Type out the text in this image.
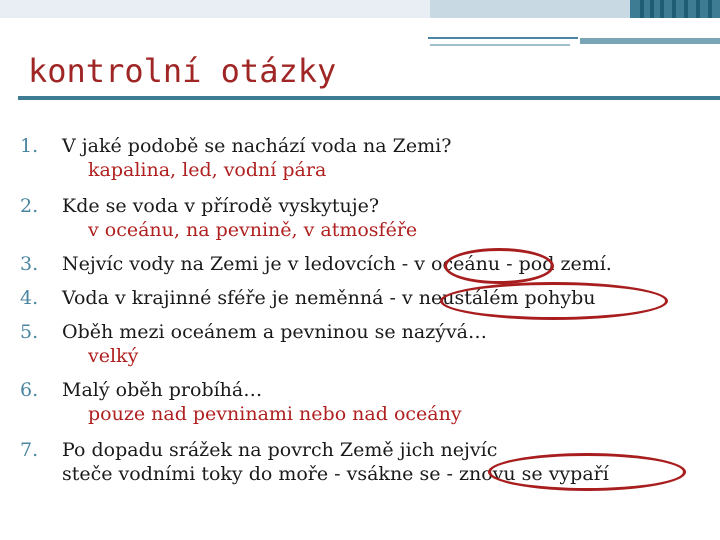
kontrolní otázky
1. V jaké podobě se nachází voda na Zemi?
kapalina, led, vodní pára
2. Kde se voda v přírodě vyskytuje?
v oceánu, na pevnině, v atmosféře
3. Nejvíc vody na Zemi je v ledovcích - v oceánu - pod zemí.
4. Voda v krajinné sféře je neměnná - v neustálém pohybu
5. Oběh mezi oceánem a pevninou se nazývá…
velký
6. Malý oběh probíhá…
pouze nad pevninami nebo nad oceány
7. Po dopadu srážek na povrch Země jich nejvíc
steče vodními toky do moře - vsákne se - znovu se vypaří
